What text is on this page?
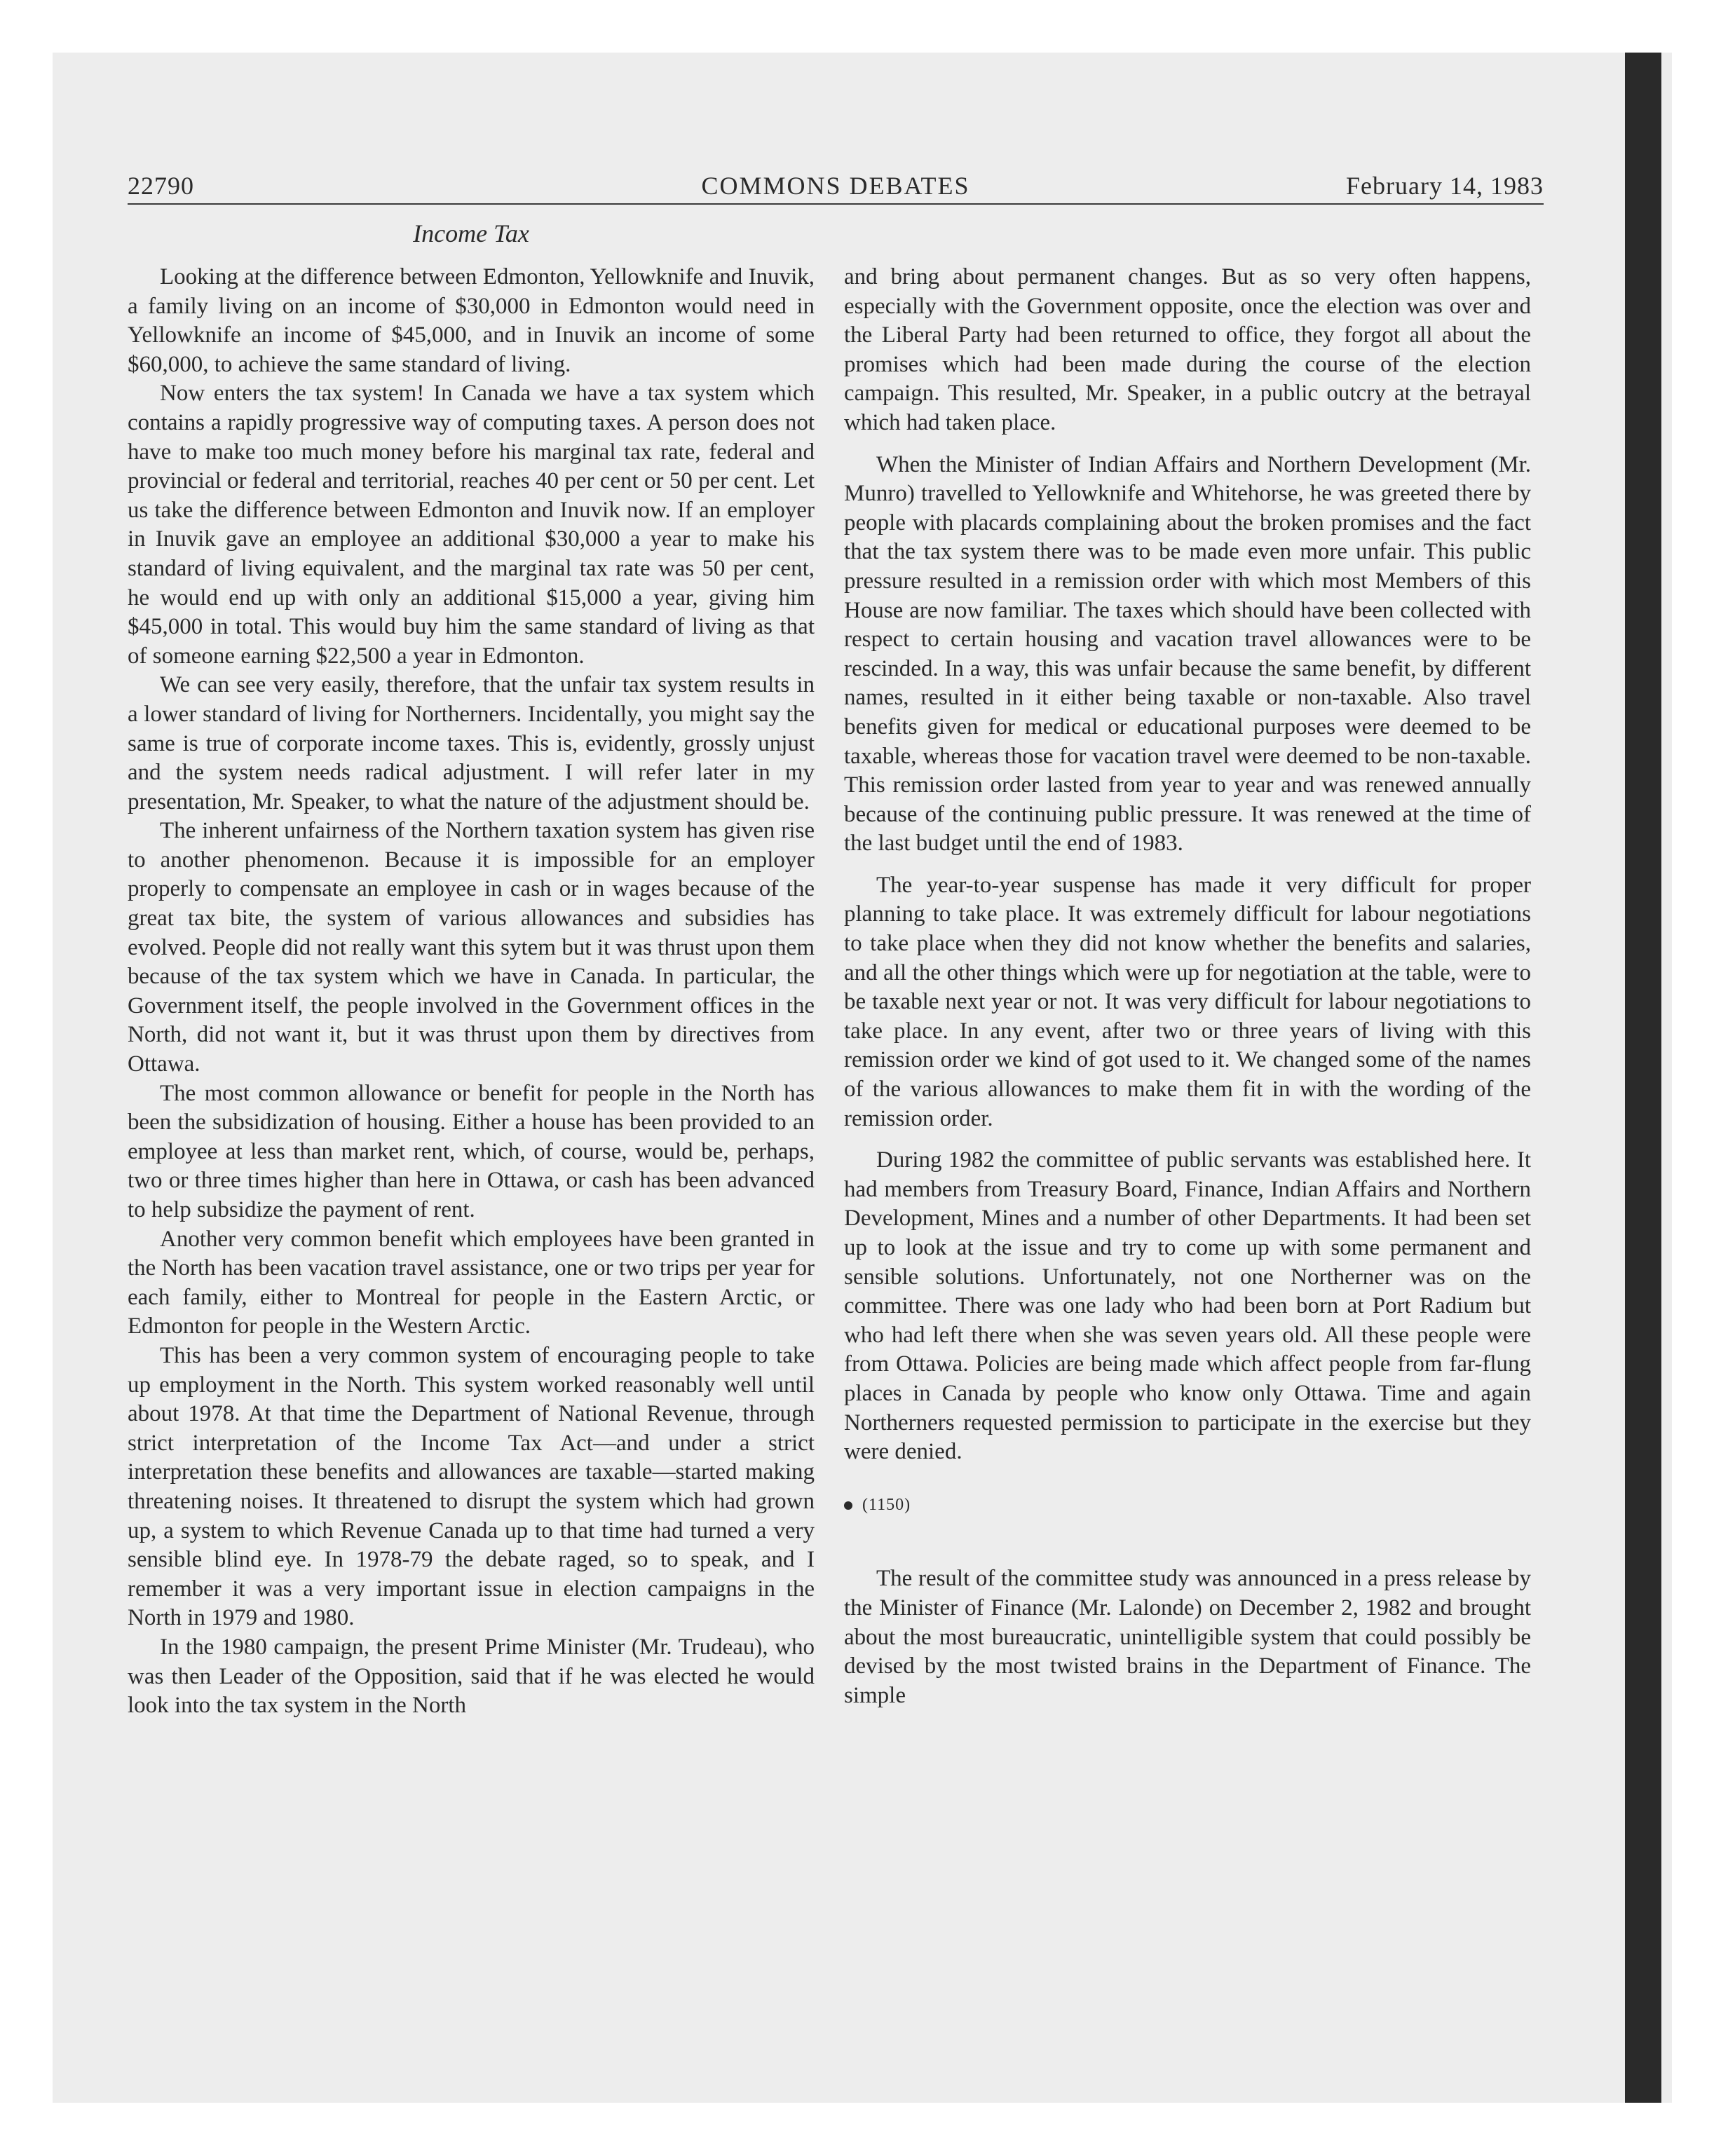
22790	COMMONS DEBATES	February 14, 1983
Income Tax

Looking at the difference between Edmonton, Yellowknife and Inuvik, a family living on an income of $30,000 in Edmonton would need in Yellowknife an income of $45,000, and in Inuvik an income of some $60,000, to achieve the same standard of living.

Now enters the tax system! In Canada we have a tax system which contains a rapidly progressive way of computing taxes. A person does not have to make too much money before his marginal tax rate, federal and provincial or federal and territorial, reaches 40 per cent or 50 per cent. Let us take the difference between Edmonton and Inuvik now. If an employer in Inuvik gave an employee an additional $30,000 a year to make his standard of living equivalent, and the marginal tax rate was 50 per cent, he would end up with only an additional $15,000 a year, giving him $45,000 in total. This would buy him the same standard of living as that of someone earning $22,500 a year in Edmonton.

We can see very easily, therefore, that the unfair tax system results in a lower standard of living for Northerners. Incidentally, you might say the same is true of corporate income taxes. This is, evidently, grossly unjust and the system needs radical adjustment. I will refer later in my presentation, Mr. Speaker, to what the nature of the adjustment should be.

The inherent unfairness of the Northern taxation system has given rise to another phenomenon. Because it is impossible for an employer properly to compensate an employee in cash or in wages because of the great tax bite, the system of various allowances and subsidies has evolved. People did not really want this sytem but it was thrust upon them because of the tax system which we have in Canada. In particular, the Government itself, the people involved in the Government offices in the North, did not want it, but it was thrust upon them by directives from Ottawa.

The most common allowance or benefit for people in the North has been the subsidization of housing. Either a house has been provided to an employee at less than market rent, which, of course, would be, perhaps, two or three times higher than here in Ottawa, or cash has been advanced to help subsidize the payment of rent.

Another very common benefit which employees have been granted in the North has been vacation travel assistance, one or two trips per year for each family, either to Montreal for people in the Eastern Arctic, or Edmonton for people in the Western Arctic.

This has been a very common system of encouraging people to take up employment in the North. This system worked reasonably well until about 1978. At that time the Department of National Revenue, through strict interpretation of the Income Tax Act—and under a strict interpretation these benefits and allowances are taxable—started making threatening noises. It threatened to disrupt the system which had grown up, a system to which Revenue Canada up to that time had turned a very sensible blind eye. In 1978-79 the debate raged, so to speak, and I remember it was a very important issue in election campaigns in the North in 1979 and 1980.

In the 1980 campaign, the present Prime Minister (Mr. Trudeau), who was then Leader of the Opposition, said that if he was elected he would look into the tax system in the North

and bring about permanent changes. But as so very often happens, especially with the Government opposite, once the election was over and the Liberal Party had been returned to office, they forgot all about the promises which had been made during the course of the election campaign. This resulted, Mr. Speaker, in a public outcry at the betrayal which had taken place.

When the Minister of Indian Affairs and Northern Development (Mr. Munro) travelled to Yellowknife and Whitehorse, he was greeted there by people with placards complaining about the broken promises and the fact that the tax system there was to be made even more unfair. This public pressure resulted in a remission order with which most Members of this House are now familiar. The taxes which should have been collected with respect to certain housing and vacation travel allowances were to be rescinded. In a way, this was unfair because the same benefit, by different names, resulted in it either being taxable or non-taxable. Also travel benefits given for medical or educational purposes were deemed to be taxable, whereas those for vacation travel were deemed to be non-taxable. This remission order lasted from year to year and was renewed annually because of the continuing public pressure. It was renewed at the time of the last budget until the end of 1983.

The year-to-year suspense has made it very difficult for proper planning to take place. It was extremely difficult for labour negotiations to take place when they did not know whether the benefits and salaries, and all the other things which were up for negotiation at the table, were to be taxable next year or not. It was very difficult for labour negotiations to take place. In any event, after two or three years of living with this remission order we kind of got used to it. We changed some of the names of the various allowances to make them fit in with the wording of the remission order.

During 1982 the committee of public servants was established here. It had members from Treasury Board, Finance, Indian Affairs and Northern Development, Mines and a number of other Departments. It had been set up to look at the issue and try to come up with some permanent and sensible solutions. Unfortunately, not one Northerner was on the committee. There was one lady who had been born at Port Radium but who had left there when she was seven years old. All these people were from Ottawa. Policies are being made which affect people from far-flung places in Canada by people who know only Ottawa. Time and again Northerners requested permission to participate in the exercise but they were denied.

(1150)

The result of the committee study was announced in a press release by the Minister of Finance (Mr. Lalonde) on December 2, 1982 and brought about the most bureaucratic, unintelligible system that could possibly be devised by the most twisted brains in the Department of Finance. The simple
